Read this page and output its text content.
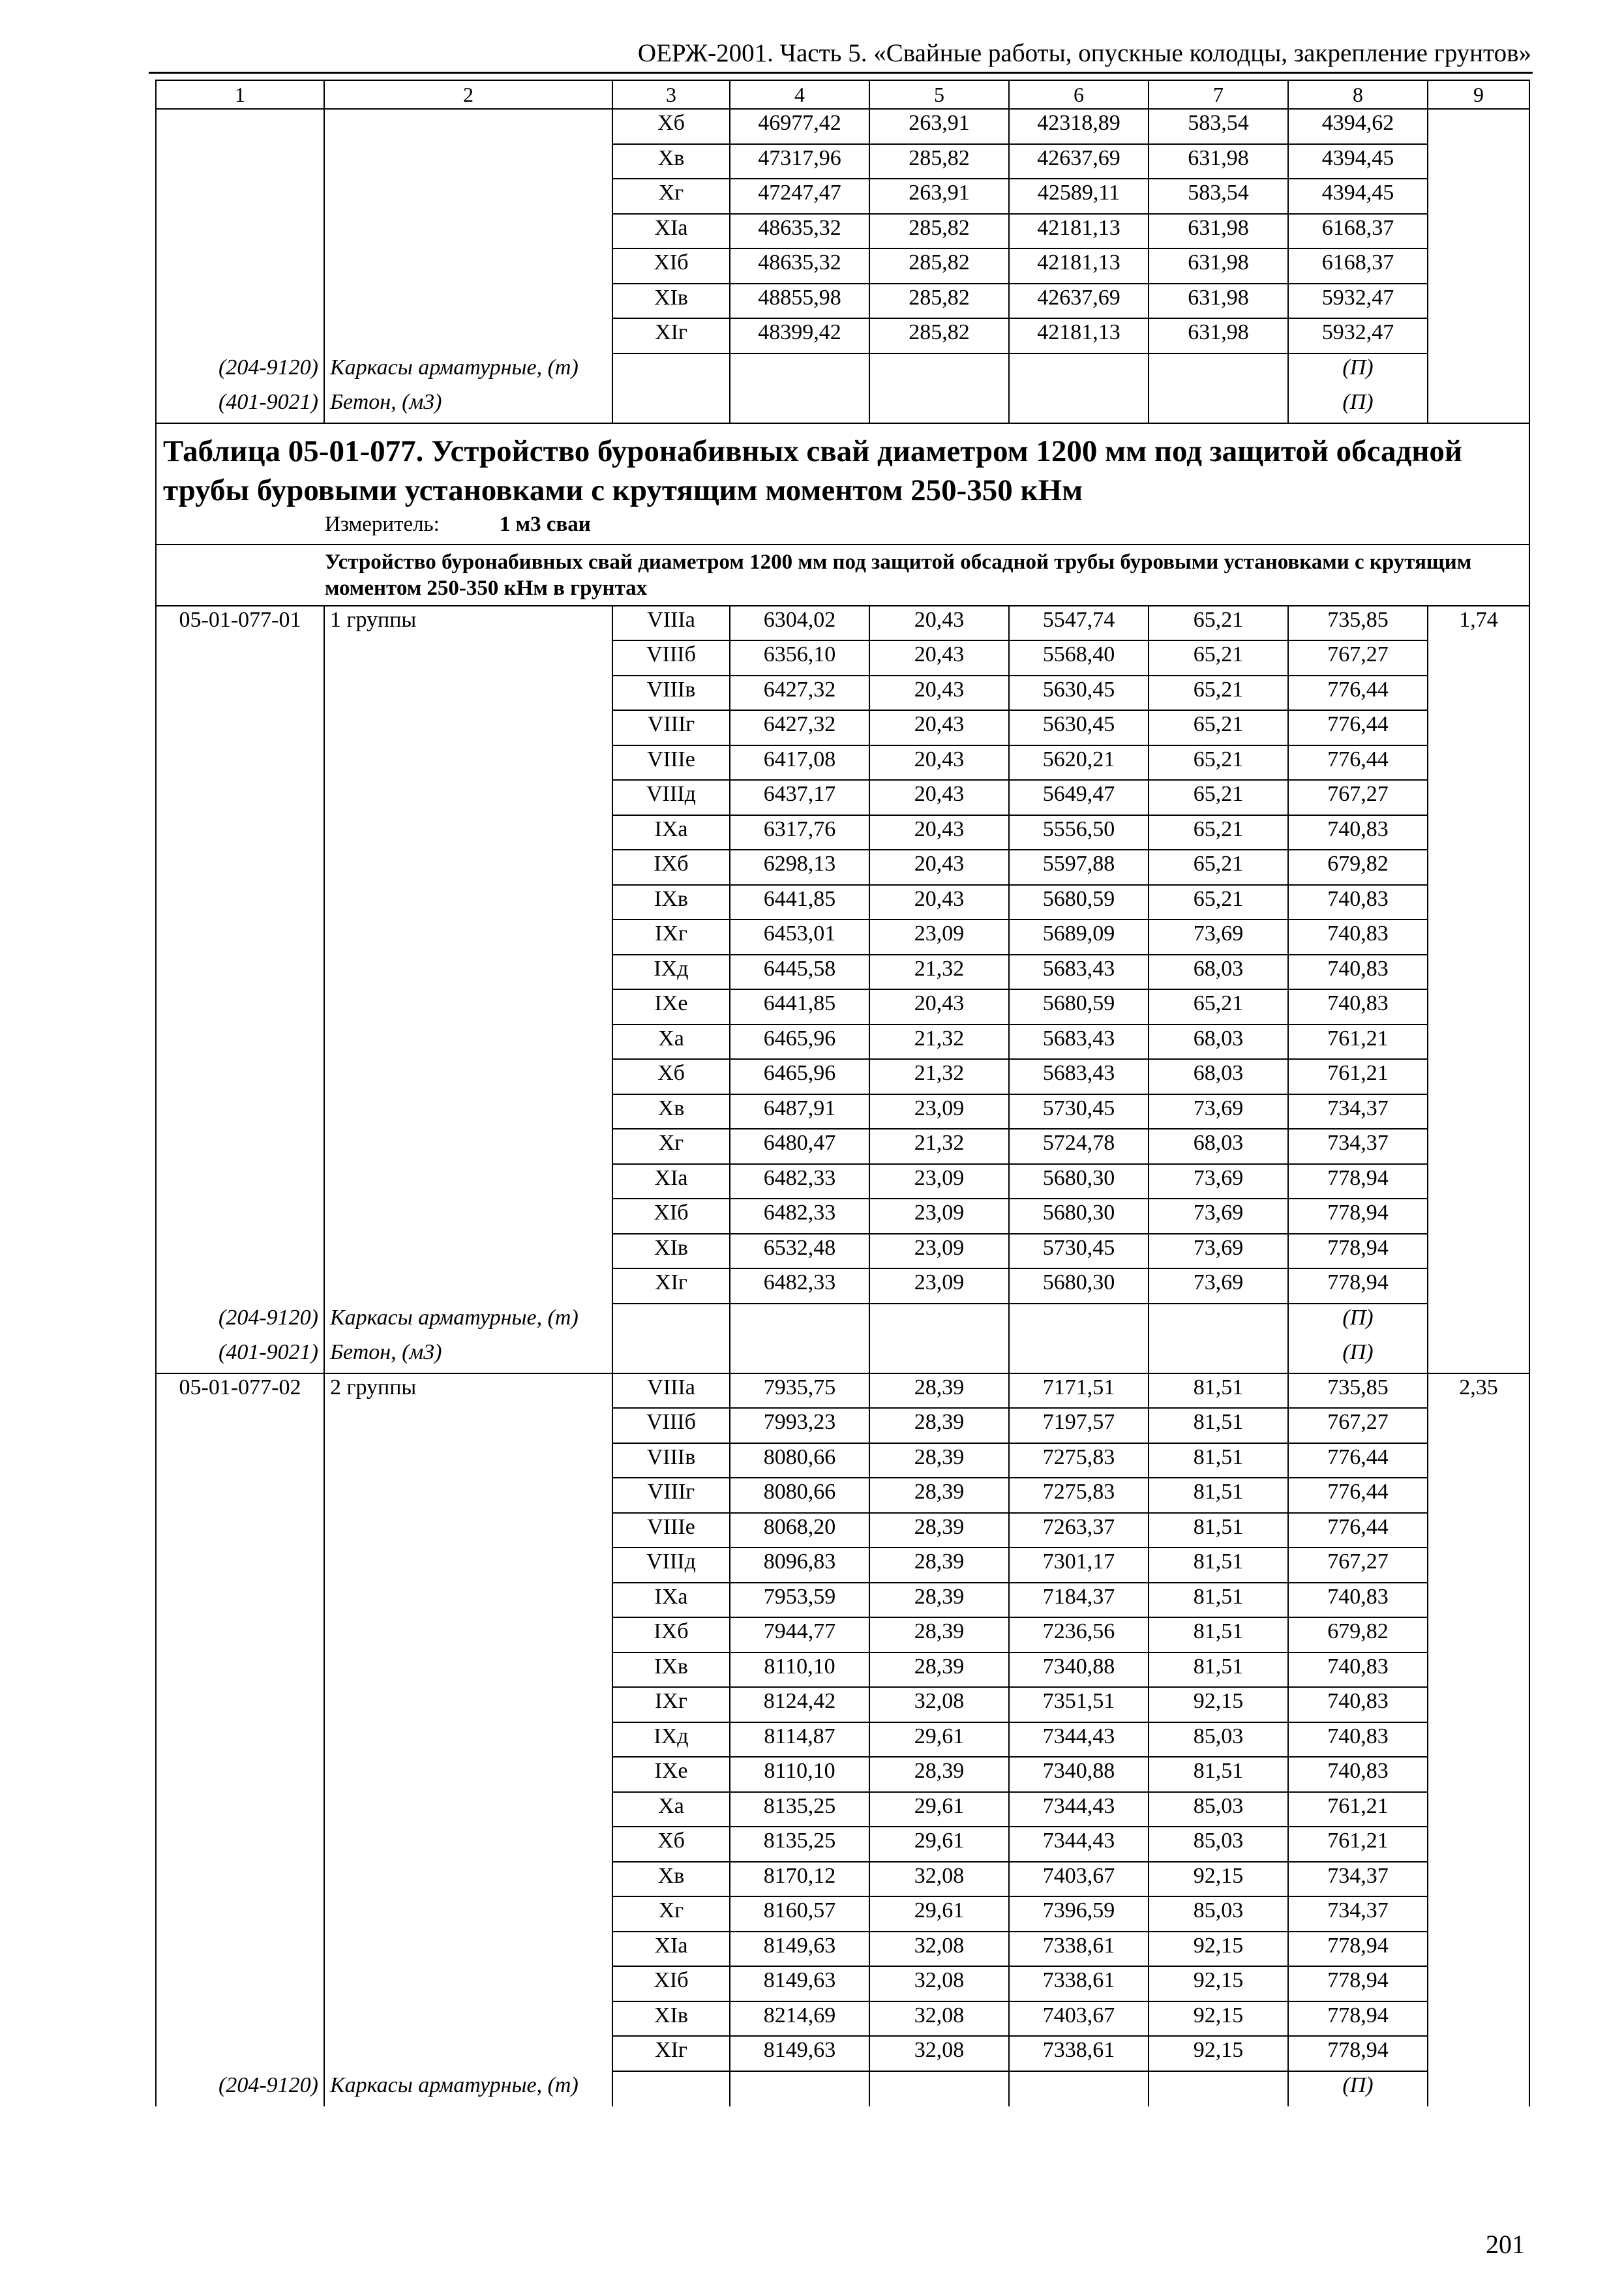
ОЕРЖ-2001. Часть 5. «Свайные работы, опускные колодцы, закрепление грунтов»
1	2	3	4	5	6	7	8	9
		Хб	46977,42	263,91	42318,89	583,54	4394,62	
		Хв	47317,96	285,82	42637,69	631,98	4394,45	
		Хг	47247,47	263,91	42589,11	583,54	4394,45	
		XIа	48635,32	285,82	42181,13	631,98	6168,37	
		XIб	48635,32	285,82	42181,13	631,98	6168,37	
		XIв	48855,98	285,82	42637,69	631,98	5932,47	
		XIг	48399,42	285,82	42181,13	631,98	5932,47	
(204-9120)	Каркасы арматурные, (т)						(П)	
(401-9021)	Бетон, (м3)						(П)	

Таблица 05-01-077. Устройство буронабивных свай диаметром 1200 мм под защитой обсадной трубы буровыми установками с крутящим моментом 250-350 кНм
Измеритель: 1 м3 сваи								

Устройство буронабивных свай диаметром 1200 мм под защитой обсадной трубы буровыми установками с крутящим моментом 250-350 кНм в грунтах								

05-01-077-01	1 группы	VIIIа	6304,02	20,43	5547,74	65,21	735,85	1,74
		VIIIб	6356,10	20,43	5568,40	65,21	767,27	
		VIIIв	6427,32	20,43	5630,45	65,21	776,44	
		VIIIг	6427,32	20,43	5630,45	65,21	776,44	
		VIIIе	6417,08	20,43	5620,21	65,21	776,44	
		VIIIд	6437,17	20,43	5649,47	65,21	767,27	
		IXа	6317,76	20,43	5556,50	65,21	740,83	
		IXб	6298,13	20,43	5597,88	65,21	679,82	
		IXв	6441,85	20,43	5680,59	65,21	740,83	
		IXг	6453,01	23,09	5689,09	73,69	740,83	
		IXд	6445,58	21,32	5683,43	68,03	740,83	
		IXе	6441,85	20,43	5680,59	65,21	740,83	
		Ха	6465,96	21,32	5683,43	68,03	761,21	
		Хб	6465,96	21,32	5683,43	68,03	761,21	
		Хв	6487,91	23,09	5730,45	73,69	734,37	
		Хг	6480,47	21,32	5724,78	68,03	734,37	
		XIа	6482,33	23,09	5680,30	73,69	778,94	
		XIб	6482,33	23,09	5680,30	73,69	778,94	
		XIв	6532,48	23,09	5730,45	73,69	778,94	
		XIг	6482,33	23,09	5680,30	73,69	778,94	
(204-9120)	Каркасы арматурные, (т)						(П)	
(401-9021)	Бетон, (м3)						(П)	
05-01-077-02	2 группы	VIIIа	7935,75	28,39	7171,51	81,51	735,85	2,35
		VIIIб	7993,23	28,39	7197,57	81,51	767,27	
		VIIIв	8080,66	28,39	7275,83	81,51	776,44	
		VIIIг	8080,66	28,39	7275,83	81,51	776,44	
		VIIIе	8068,20	28,39	7263,37	81,51	776,44	
		VIIIд	8096,83	28,39	7301,17	81,51	767,27	
		IXа	7953,59	28,39	7184,37	81,51	740,83	
		IXб	7944,77	28,39	7236,56	81,51	679,82	
		IXв	8110,10	28,39	7340,88	81,51	740,83	
		IXг	8124,42	32,08	7351,51	92,15	740,83	
		IXд	8114,87	29,61	7344,43	85,03	740,83	
		IXе	8110,10	28,39	7340,88	81,51	740,83	
		Ха	8135,25	29,61	7344,43	85,03	761,21	
		Хб	8135,25	29,61	7344,43	85,03	761,21	
		Хв	8170,12	32,08	7403,67	92,15	734,37	
		Хг	8160,57	29,61	7396,59	85,03	734,37	
		XIа	8149,63	32,08	7338,61	92,15	778,94	
		XIб	8149,63	32,08	7338,61	92,15	778,94	
		XIв	8214,69	32,08	7403,67	92,15	778,94	
		XIг	8149,63	32,08	7338,61	92,15	778,94	
(204-9120)	Каркасы арматурные, (т)						(П)	
201
